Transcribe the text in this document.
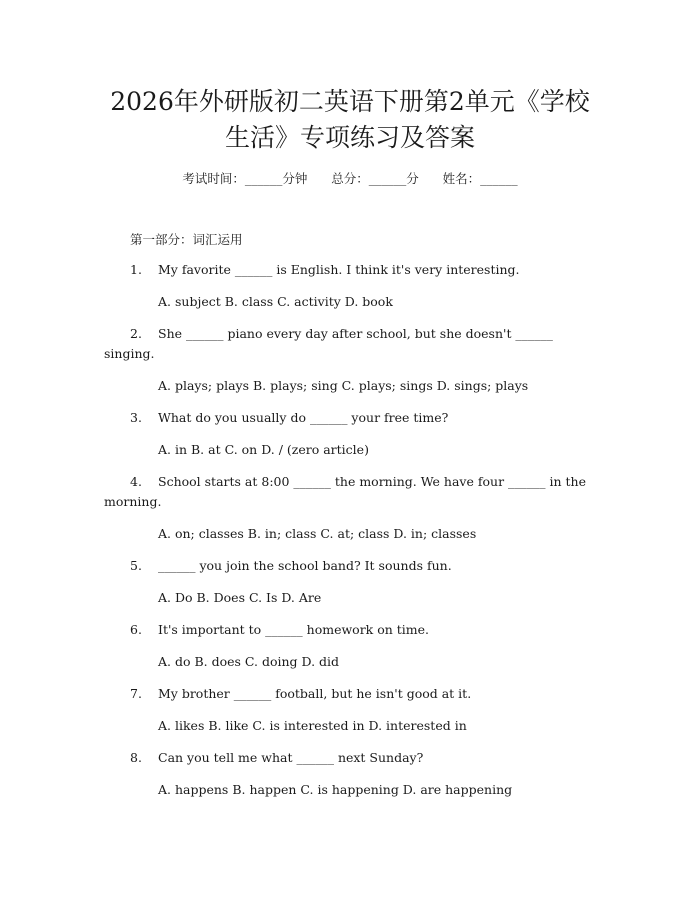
2026年外研版初二英语下册第2单元《学校
生活》专项练习及答案
考试时间：______分钟 总分：______分 姓名：______
第一部分：词汇运用
1. My favorite ______ is English. I think it's very interesting.
A. subject B. class C. activity D. book
2. She ______ piano every day after school, but she doesn't ______ singing.
A. plays; plays B. plays; sing C. plays; sings D. sings; plays
3. What do you usually do ______ your free time?
A. in B. at C. on D. / (zero article)
4. School starts at 8:00 ______ the morning. We have four ______ in the morning.
A. on; classes B. in; class C. at; class D. in; classes
5. ______ you join the school band? It sounds fun.
A. Do B. Does C. Is D. Are
6. It's important to ______ homework on time.
A. do B. does C. doing D. did
7. My brother ______ football, but he isn't good at it.
A. likes B. like C. is interested in D. interested in
8. Can you tell me what ______ next Sunday?
A. happens B. happen C. is happening D. are happening
